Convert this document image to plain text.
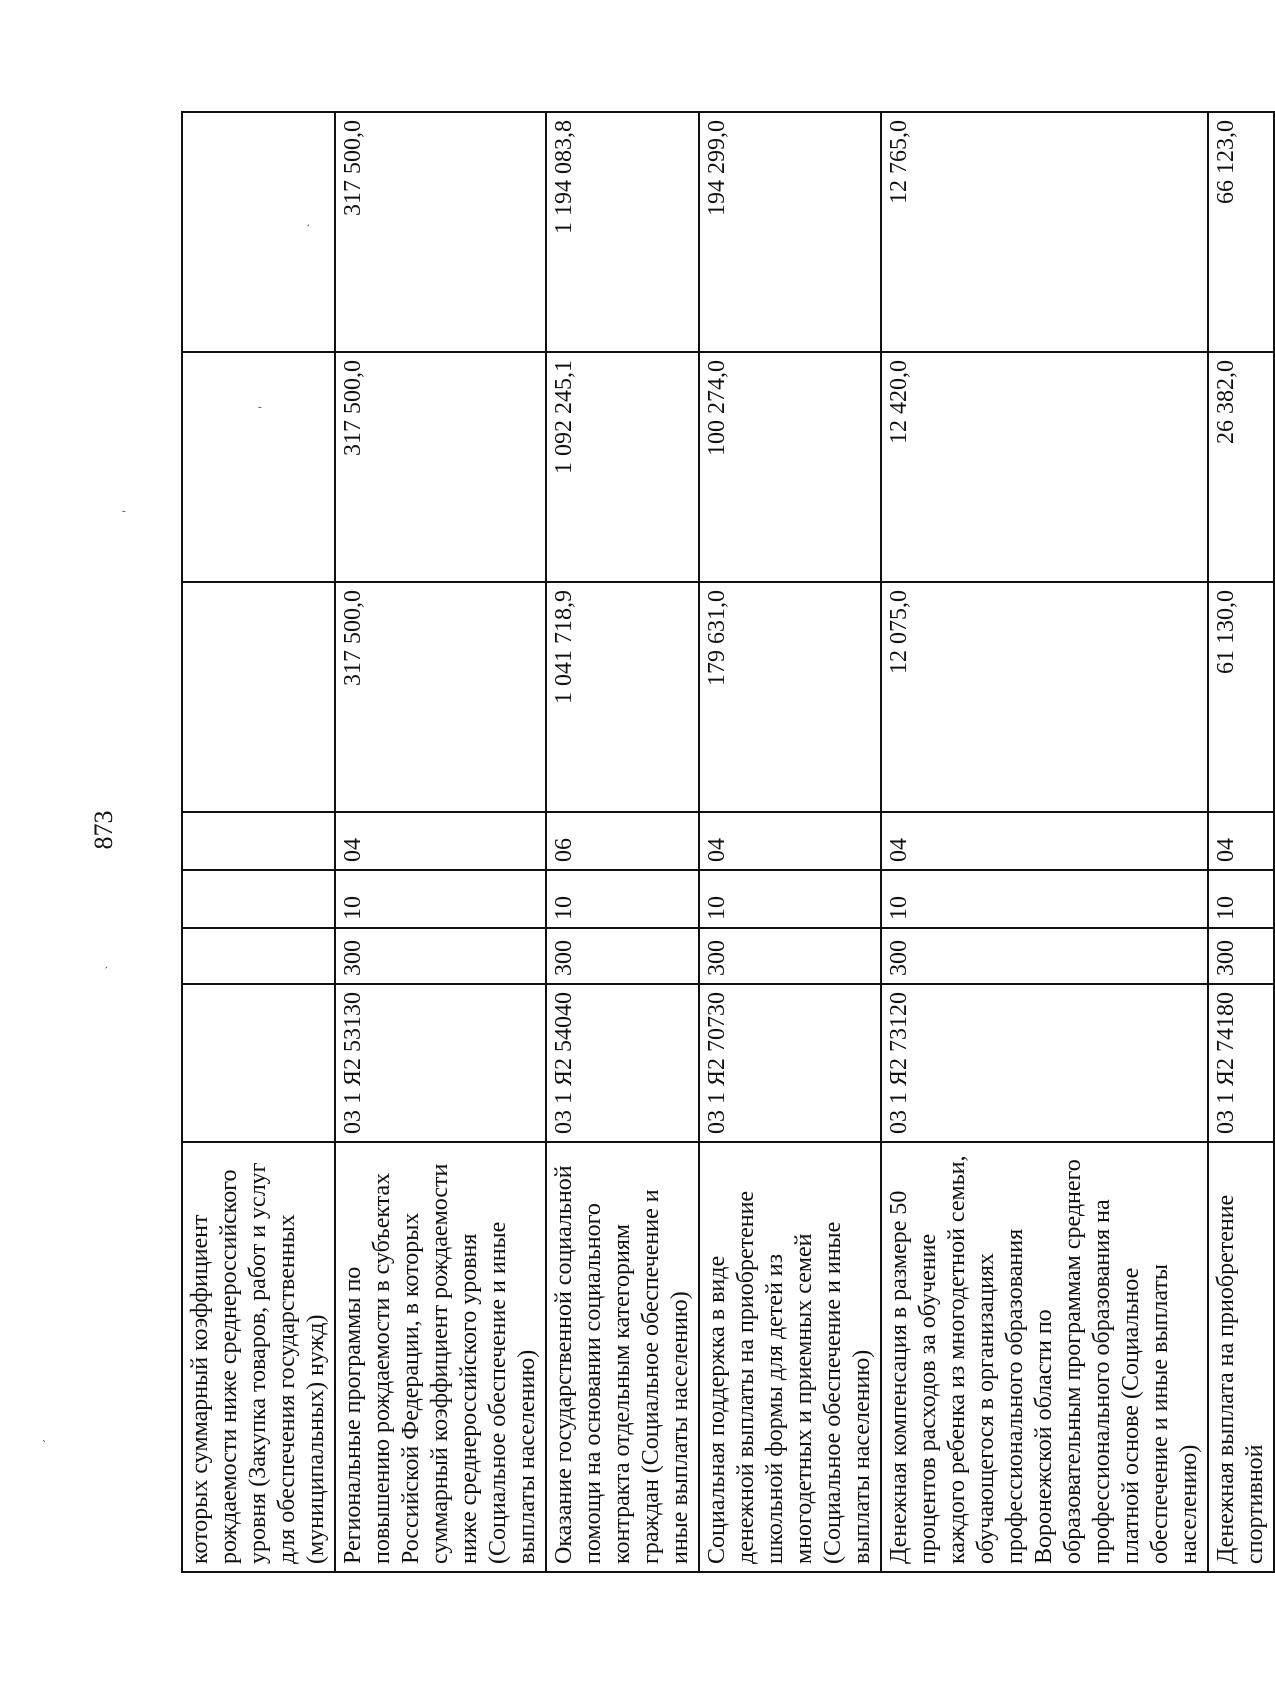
873
ˋ
ˏ
ˉ
ˏ
ˉ
которых суммарный коэффициент рождаемости ниже среднероссийского уровня (Закупка товаров, работ и услуг для обеспечения государственных (муниципальных) нужд)							
Региональные программы по повышению рождаемости в субъектах Российской Федерации, в которых суммарный коэффициент рождаемости ниже среднероссийского уровня (Социальное обеспечение и иные выплаты населению)	03 1 Я2 53130	300	10	04	317 500,0	317 500,0	317 500,0
Оказание государственной социальной помощи на основании социального контракта отдельным категориям граждан (Социальное обеспечение и иные выплаты населению)	03 1 Я2 54040	300	10	06	1 041 718,9	1 092 245,1	1 194 083,8
Социальная поддержка в виде денежной выплаты на приобретение школьной формы для детей из многодетных и приемных семей (Социальное обеспечение и иные выплаты населению)	03 1 Я2 70730	300	10	04	179 631,0	100 274,0	194 299,0
Денежная компенсация в размере 50 процентов расходов за обучение каждого ребенка из многодетной семьи, обучающегося в организациях профессионального образования Воронежской области по образовательным программам среднего профессионального образования на платной основе (Социальное обеспечение и иные выплаты населению)	03 1 Я2 73120	300	10	04	12 075,0	12 420,0	12 765,0
Денежная выплата на приобретение спортивной	03 1 Я2 74180	300	10	04	61 130,0	26 382,0	66 123,0
